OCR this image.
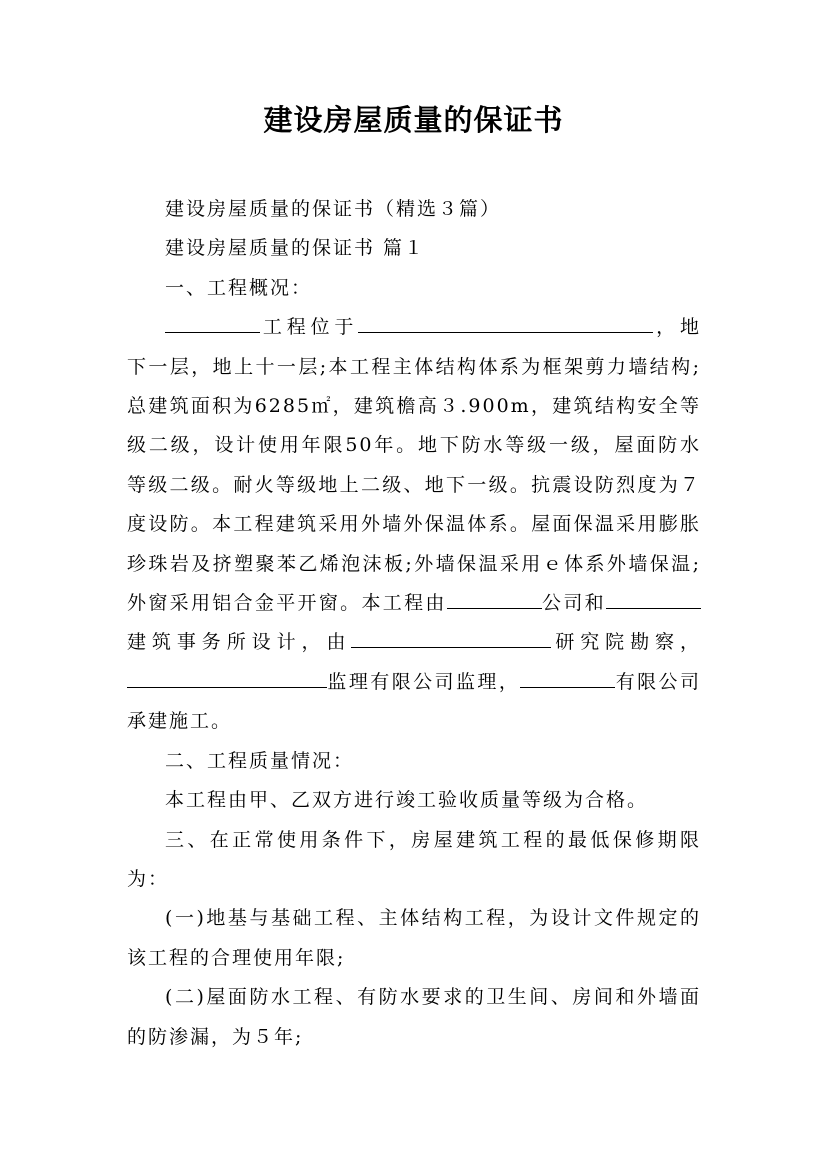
建设房屋质量的保证书

建设房屋质量的保证书（精选３篇）

建设房屋质量的保证书 篇１

一、工程概况：

工程位于	，地下一层，地上十一层;本工程主体结构体系为框架剪力墙结构;总建筑面积为6285㎡，建筑檐高３.900m，建筑结构安全等级二级，设计使用年限50年。地下防水等级一级，屋面防水等级二级。耐火等级地上二级、地下一级。抗震设防烈度为７度设防。本工程建筑采用外墙外保温体系。屋面保温采用膨胀珍珠岩及挤塑聚苯乙烯泡沫板;外墙保温采用ｅ体系外墙保温;外窗采用铝合金平开窗。本工程由	公司和建筑事务所设计，由	研究院勘察，监理有限公司监理，	有限公司承建施工。

二、工程质量情况：

本工程由甲、乙双方进行竣工验收质量等级为合格。

三、在正常使用条件下，房屋建筑工程的最低保修期限为：

(一)地基与基础工程、主体结构工程，为设计文件规定的该工程的合理使用年限;

(二)屋面防水工程、有防水要求的卫生间、房间和外墙面的防渗漏，为５年;
